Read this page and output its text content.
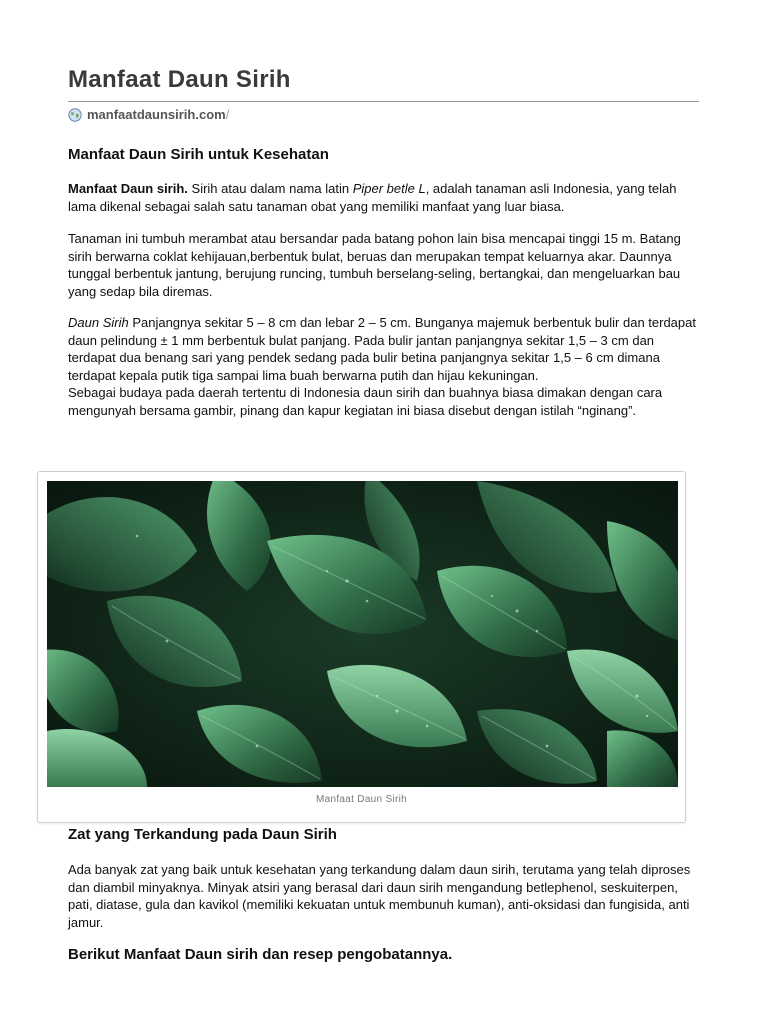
Manfaat Daun Sirih
manfaatdaunsirih.com /
Manfaat Daun Sirih untuk Kesehatan

Manfaat Daun sirih. Sirih atau dalam nama latin Piper betle L, adalah tanaman asli Indonesia, yang telah lama dikenal sebagai salah satu tanaman obat yang memiliki manfaat yang luar biasa.

Tanaman ini tumbuh merambat atau bersandar pada batang pohon lain bisa mencapai tinggi 15 m. Batang sirih berwarna coklat kehijauan,berbentuk bulat, beruas dan merupakan tempat keluarnya akar. Daunnya tunggal berbentuk jantung, berujung runcing, tumbuh berselang-seling, bertangkai, dan mengeluarkan bau yang sedap bila diremas.

Daun Sirih Panjangnya sekitar 5 – 8 cm dan lebar 2 – 5 cm. Bunganya majemuk berbentuk bulir dan terdapat daun pelindung ± 1 mm berbentuk bulat panjang. Pada bulir jantan panjangnya sekitar 1,5 – 3 cm dan terdapat dua benang sari yang pendek sedang pada bulir betina panjangnya sekitar 1,5 – 6 cm dimana terdapat kepala putik tiga sampai lima buah berwarna putih dan hijau kekuningan.
Sebagai budaya pada daerah tertentu di Indonesia daun sirih dan buahnya biasa dimakan dengan cara mengunyah bersama gambir, pinang dan kapur kegiatan ini biasa disebut dengan istilah “nginang”.

Manfaat Daun Sirih
Zat yang Terkandung pada Daun Sirih

Ada banyak zat yang baik untuk kesehatan yang terkandung dalam daun sirih, terutama yang telah diproses dan diambil minyaknya. Minyak atsiri yang berasal dari daun sirih mengandung betlephenol, seskuiterpen, pati, diatase, gula dan kavikol (memiliki kekuatan untuk membunuh kuman), anti-oksidasi dan fungisida, anti jamur.

Berikut Manfaat Daun sirih dan resep pengobatannya.
